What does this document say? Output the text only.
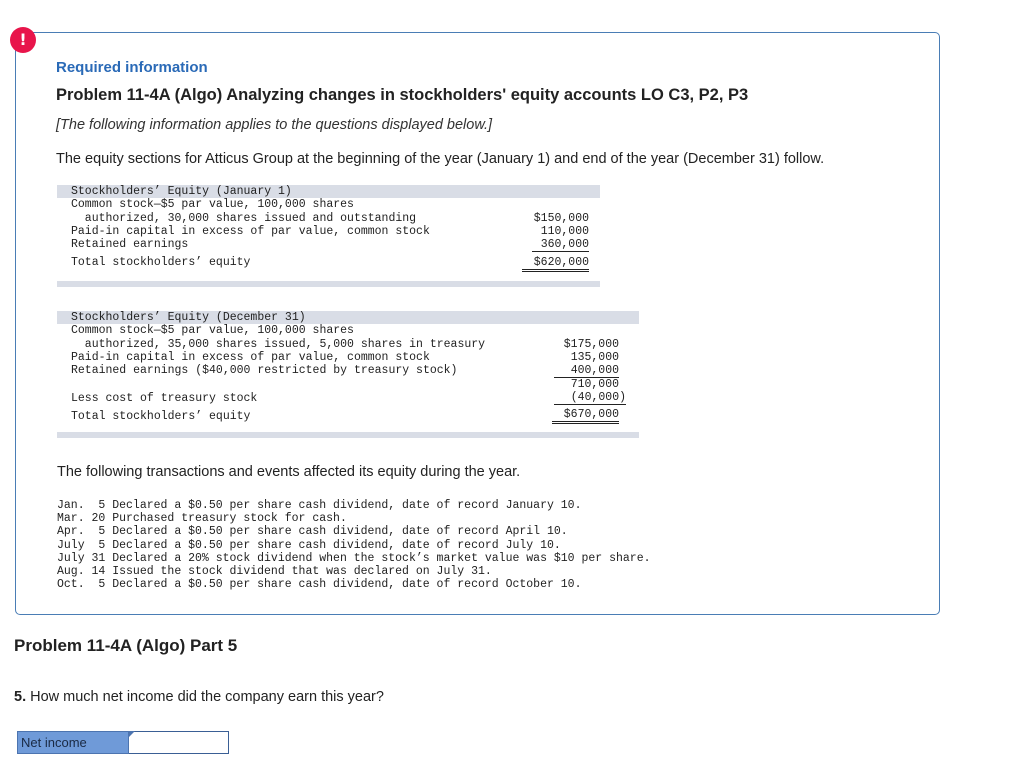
!
Required information
Problem 11-4A (Algo) Analyzing changes in stockholders' equity accounts LO C3, P2, P3
[The following information applies to the questions displayed below.]
The equity sections for Atticus Group at the beginning of the year (January 1) and end of the year (December 31) follow.
Stockholders’ Equity (January 1)
Common stock—$5 par value, 100,000 shares
authorized, 30,000 shares issued and outstanding	$150,000
Paid-in capital in excess of par value, common stock	110,000
Retained earnings	360,000
Total stockholders’ equity	$620,000
Stockholders’ Equity (December 31)
Common stock—$5 par value, 100,000 shares
authorized, 35,000 shares issued, 5,000 shares in treasury	$175,000
Paid-in capital in excess of par value, common stock	135,000
Retained earnings ($40,000 restricted by treasury stock)	400,000
710,000
Less cost of treasury stock	(40,000)
Total stockholders’ equity	$670,000
The following transactions and events affected its equity during the year.
Jan.  5 Declared a $0.50 per share cash dividend, date of record January 10.
Mar. 20 Purchased treasury stock for cash.
Apr.  5 Declared a $0.50 per share cash dividend, date of record April 10.
July  5 Declared a $0.50 per share cash dividend, date of record July 10.
July 31 Declared a 20% stock dividend when the stock’s market value was $10 per share.
Aug. 14 Issued the stock dividend that was declared on July 31.
Oct.  5 Declared a $0.50 per share cash dividend, date of record October 10.
Problem 11-4A (Algo) Part 5
5. How much net income did the company earn this year?
Net income
